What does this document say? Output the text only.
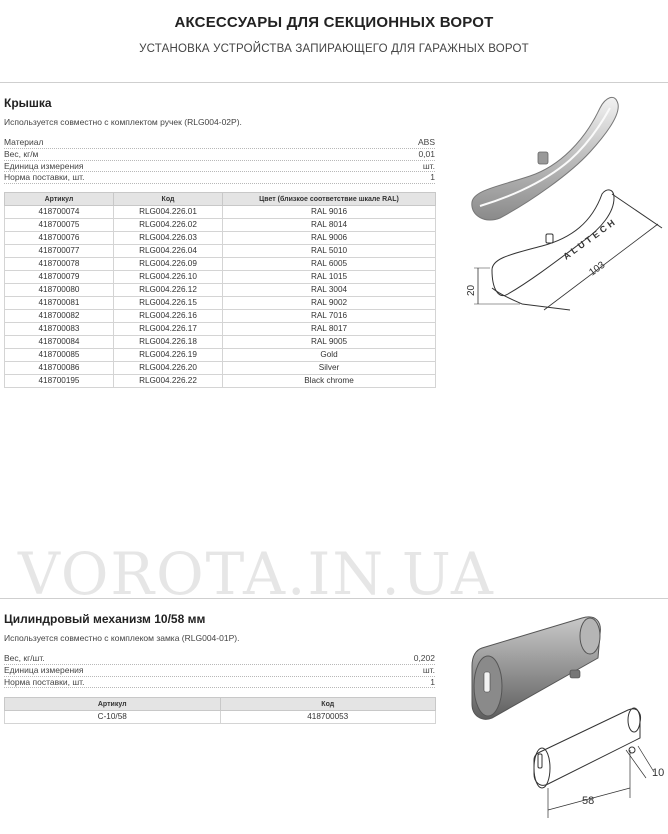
АКСЕССУАРЫ ДЛЯ СЕКЦИОННЫХ ВОРОТ
УСТАНОВКА УСТРОЙСТВА ЗАПИРАЮЩЕГО ДЛЯ ГАРАЖНЫХ ВОРОТ
Крышка
Используется совместно с комплектом ручек (RLG004-02P).
Материал	ABS
Вес, кг/м	0,01
Единица измерения	шт.
Норма поставки, шт.	1
Артикул	Код	Цвет (близкое соответствие шкале RAL)
418700074	RLG004.226.01	RAL 9016
418700075	RLG004.226.02	RAL 8014
418700076	RLG004.226.03	RAL 9006
418700077	RLG004.226.04	RAL 5010
418700078	RLG004.226.09	RAL 6005
418700079	RLG004.226.10	RAL 1015
418700080	RLG004.226.12	RAL 3004
418700081	RLG004.226.15	RAL 9002
418700082	RLG004.226.16	RAL 7016
418700083	RLG004.226.17	RAL 8017
418700084	RLG004.226.18	RAL 9005
418700085	RLG004.226.19	Gold
418700086	RLG004.226.20	Silver
418700195	RLG004.226.22	Black chrome
ALUTECH
103
20
VOROTA.IN.UA
Цилиндровый механизм 10/58 мм
Используется совместно с комплеком замка (RLG004-01P).
Вес, кг/шт.	0,202
Единица измерения	шт.
Норма поставки, шт.	1
Артикул	Код
С-10/58	418700053
58
10
